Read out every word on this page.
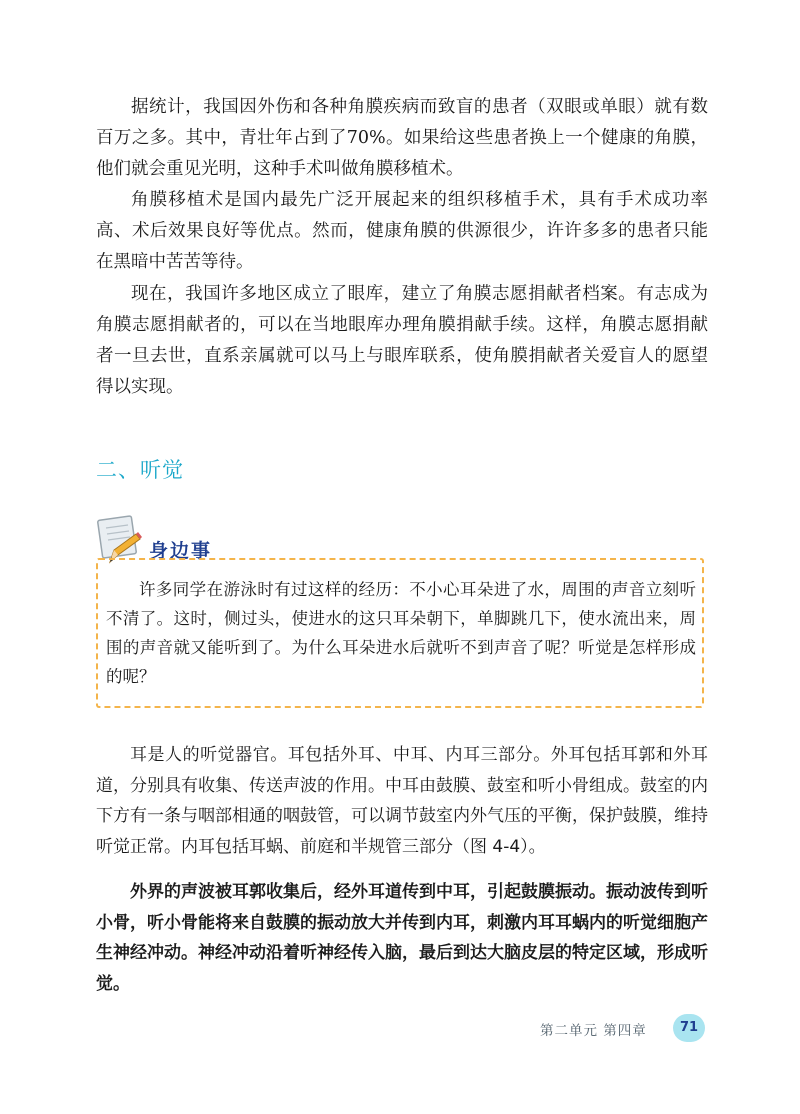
据统计，我国因外伤和各种角膜疾病而致盲的患者（双眼或单眼）就有数百万之多。其中，青壮年占到了70%。如果给这些患者换上一个健康的角膜，他们就会重见光明，这种手术叫做角膜移植术。

角膜移植术是国内最先广泛开展起来的组织移植手术，具有手术成功率高、术后效果良好等优点。然而，健康角膜的供源很少，许许多多的患者只能在黑暗中苦苦等待。

现在，我国许多地区成立了眼库，建立了角膜志愿捐献者档案。有志成为角膜志愿捐献者的，可以在当地眼库办理角膜捐献手续。这样，角膜志愿捐献者一旦去世，直系亲属就可以马上与眼库联系，使角膜捐献者关爱盲人的愿望得以实现。

二、听觉
身边事

许多同学在游泳时有过这样的经历：不小心耳朵进了水，周围的声音立刻听不清了。这时，侧过头，使进水的这只耳朵朝下，单脚跳几下，使水流出来，周围的声音就又能听到了。为什么耳朵进水后就听不到声音了呢？听觉是怎样形成的呢？

耳是人的听觉器官。耳包括外耳、中耳、内耳三部分。外耳包括耳郭和外耳道，分别具有收集、传送声波的作用。中耳由鼓膜、鼓室和听小骨组成。鼓室的内下方有一条与咽部相通的咽鼓管，可以调节鼓室内外气压的平衡，保护鼓膜，维持听觉正常。内耳包括耳蜗、前庭和半规管三部分（图 4-4）。

外界的声波被耳郭收集后，经外耳道传到中耳，引起鼓膜振动。振动波传到听小骨，听小骨能将来自鼓膜的振动放大并传到内耳，刺激内耳耳蜗内的听觉细胞产生神经冲动。神经冲动沿着听神经传入脑，最后到达大脑皮层的特定区域，形成听觉。

第二单元 第四章	71
